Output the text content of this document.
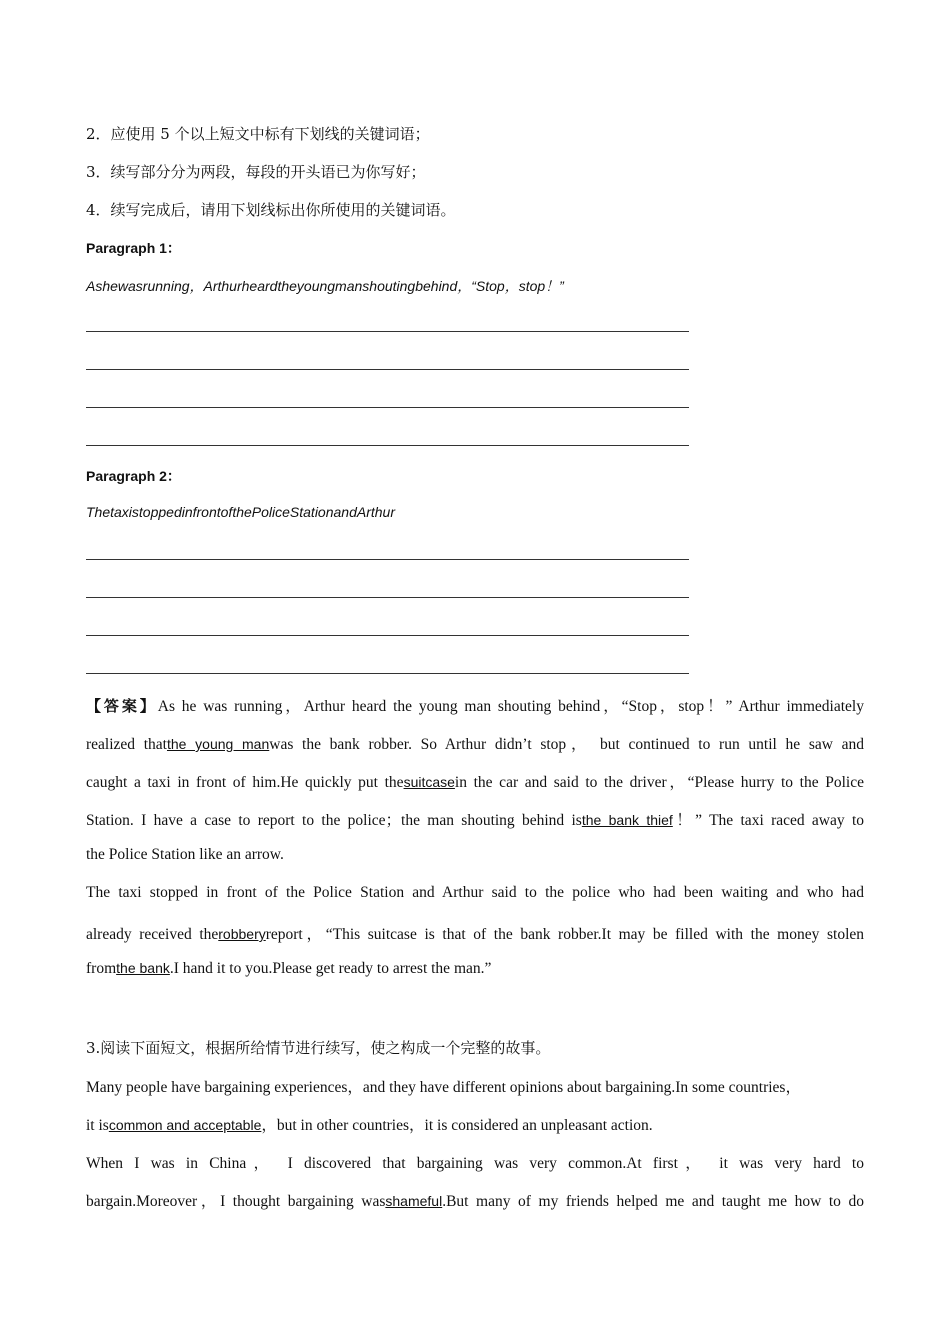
2．应使用 5 个以上短文中标有下划线的关键词语；
3．续写部分分为两段，每段的开头语已为你写好；
4．续写完成后，请用下划线标出你所使用的关键词语。
Paragraph 1：
Ashewasrunning，Arthurheardtheyoungmanshoutingbehind，“Stop，stop！”
Paragraph 2：
ThetaxistoppedinfrontofthePoliceStationandArthur
【答案】As he was running，Arthur heard the young man shouting behind，“Stop，stop！” Arthur immediately
realized thatthe young manwas the bank robber. So Arthur didn’t stop， but continued to run until he saw and
caught a taxi in front of him.He quickly put thesuitcasein the car and said to the driver，“Please hurry to the Police
Station. I have a case to report to the police；the man shouting behind isthe bank thief！” The taxi raced away to
the Police Station like an arrow.
The taxi stopped in front of the Police Station and Arthur said to the police who had been waiting and who had
already received therobberyreport，“This suitcase is that of the bank robber.It may be filled with the money stolen
fromthe bank.I hand it to you.Please get ready to arrest the man.”
3.阅读下面短文，根据所给情节进行续写，使之构成一个完整的故事。
Many people have bargaining experiences，and they have different opinions about bargaining.In some countries，
it iscommon and acceptable，but in other countries，it is considered an unpleasant action.
When I was in China， I discovered that bargaining was very common.At first， it was very hard to
bargain.Moreover，I thought bargaining wasshameful.But many of my friends helped me and taught me how to do
